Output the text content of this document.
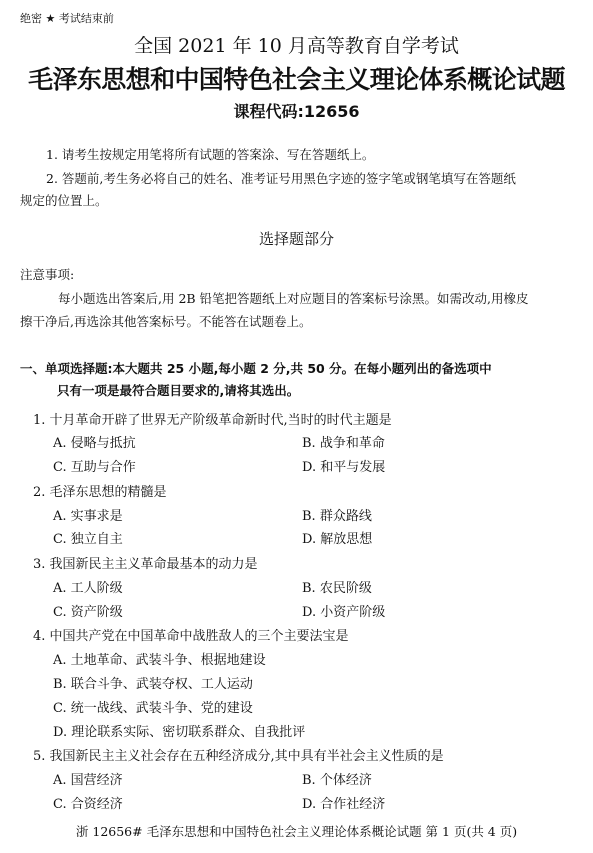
绝密 ★ 考试结束前
全国 2021 年 10 月高等教育自学考试
毛泽东思想和中国特色社会主义理论体系概论试题
课程代码:12656
1. 请考生按规定用笔将所有试题的答案涂、写在答题纸上。
2. 答题前,考生务必将自己的姓名、准考证号用黑色字迹的签字笔或钢笔填写在答题纸
规定的位置上。
选择题部分
注意事项:
每小题选出答案后,用 2B 铅笔把答题纸上对应题目的答案标号涂黑。如需改动,用橡皮
擦干净后,再选涂其他答案标号。不能答在试题卷上。
一、单项选择题:本大题共 25 小题,每小题 2 分,共 50 分。在每小题列出的备选项中
只有一项是最符合题目要求的,请将其选出。
1. 十月革命开辟了世界无产阶级革命新时代,当时的时代主题是
A. 侵略与抵抗	B. 战争和革命
C. 互助与合作	D. 和平与发展
2. 毛泽东思想的精髓是
A. 实事求是	B. 群众路线
C. 独立自主	D. 解放思想
3. 我国新民主主义革命最基本的动力是
A. 工人阶级	B. 农民阶级
C. 资产阶级	D. 小资产阶级
4. 中国共产党在中国革命中战胜敌人的三个主要法宝是
A. 土地革命、武装斗争、根据地建设
B. 联合斗争、武装夺权、工人运动
C. 统一战线、武装斗争、党的建设
D. 理论联系实际、密切联系群众、自我批评
5. 我国新民主主义社会存在五种经济成分,其中具有半社会主义性质的是
A. 国营经济	B. 个体经济
C. 合资经济	D. 合作社经济
浙 12656# 毛泽东思想和中国特色社会主义理论体系概论试题 第 1 页(共 4 页)
